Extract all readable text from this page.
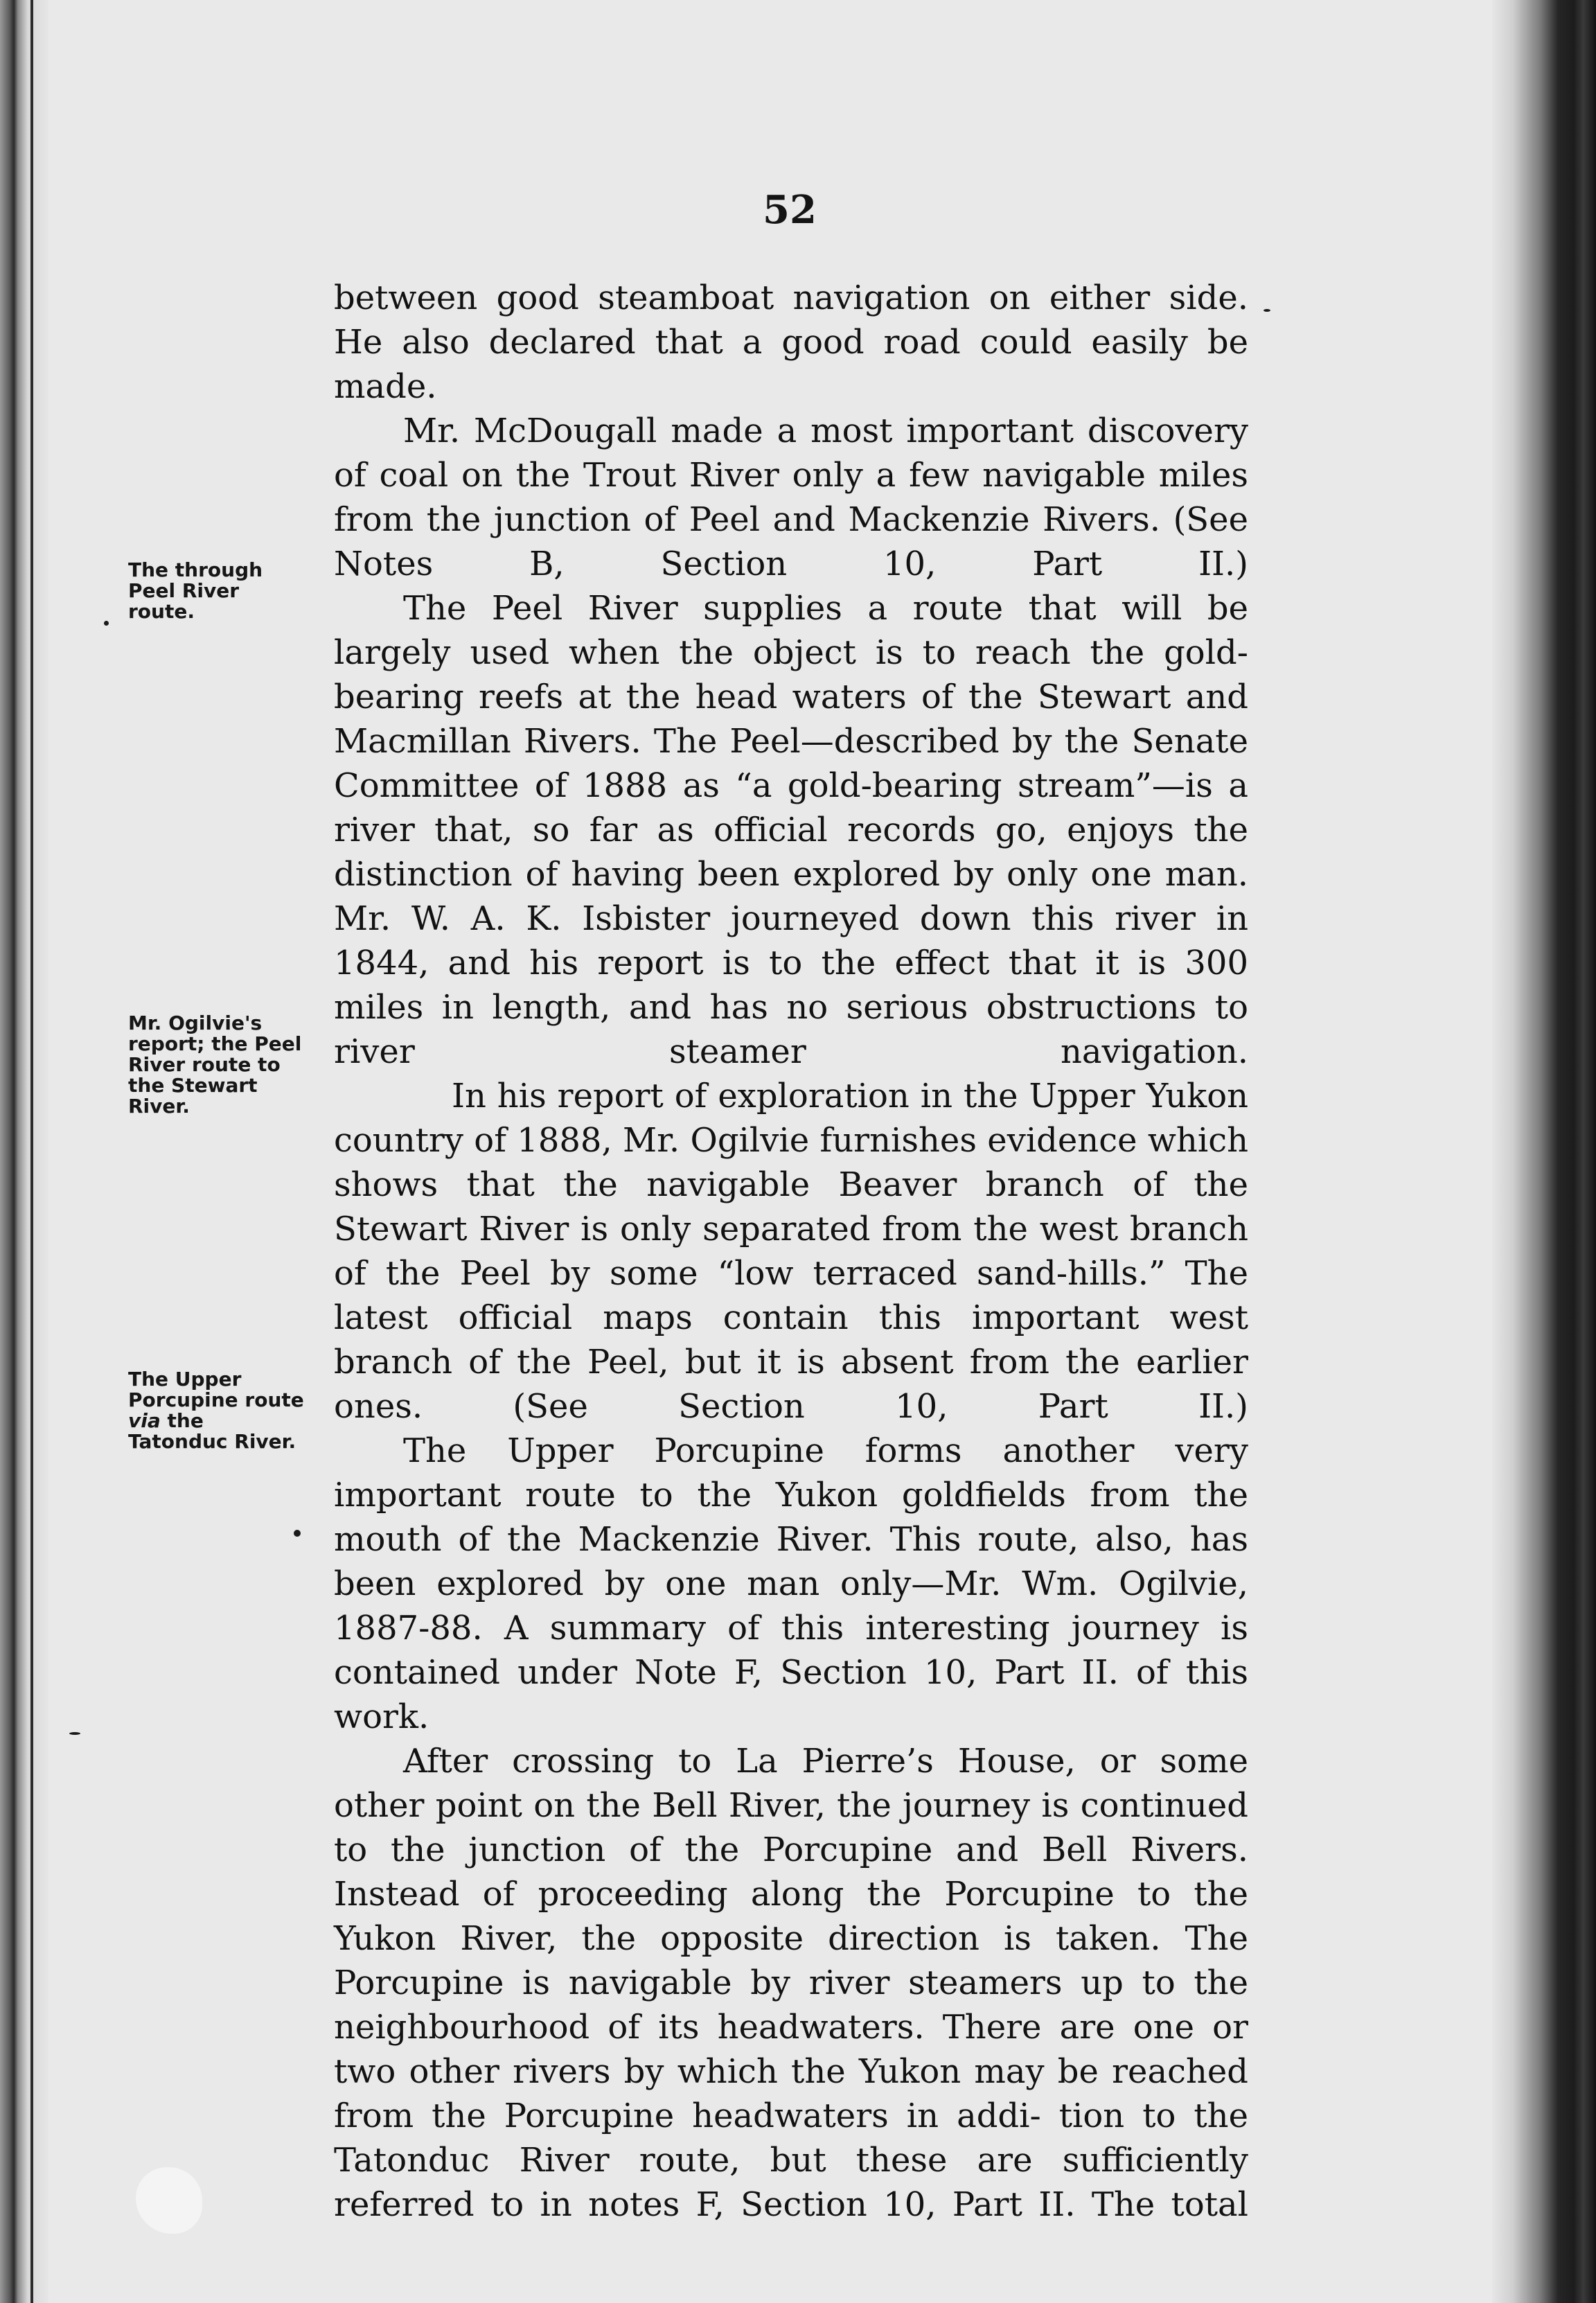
52
The through Peel River route.
Mr. Ogilvie's report; the Peel River route to the Stewart River.
The Upper Porcupine route via the Tatonduc River.

between good steamboat navigation on either side. He also declared that a good road could easily be made.

Mr. McDougall made a most important discovery of coal on the Trout River only a few navigable miles from the junction of Peel and Mackenzie Rivers. (See Notes B, Section 10, Part II.)

The Peel River supplies a route that will be largely used when the object is to reach the gold-bearing reefs at the head waters of the Stewart and Macmillan Rivers. The Peel—described by the Senate Committee of 1888 as “a gold-bearing stream”—is a river that, so far as official records go, enjoys the distinction of having been explored by only one man. Mr. W. A. K. Isbister journeyed down this river in 1844, and his report is to the effect that it is 300 miles in length, and has no serious obstructions to river steamer navigation.

In his report of exploration in the Upper Yukon country of 1888, Mr. Ogilvie furnishes evidence which shows that the navigable Beaver branch of the Stewart River is only separated from the west branch of the Peel by some “low terraced sand-hills.” The latest official maps contain this important west branch of the Peel, but it is absent from the earlier ones. (See Section 10, Part II.)

The Upper Porcupine forms another very important route to the Yukon goldfields from the mouth of the Mackenzie River. This route, also, has been explored by one man only—Mr. Wm. Ogilvie, 1887-88. A summary of this interesting journey is contained under Note F, Section 10, Part II. of this work.

After crossing to La Pierre’s House, or some other point on the Bell River, the journey is continued to the junction of the Porcupine and Bell Rivers. Instead of proceeding along the Porcupine to the Yukon River, the opposite direction is taken. The Porcupine is navigable by river steamers up to the neighbourhood of its headwaters. There are one or two other rivers by which the Yukon may be reached from the Porcupine headwaters in addi- tion to the Tatonduc River route, but these are sufficiently referred to in notes F, Section 10, Part II. The total
